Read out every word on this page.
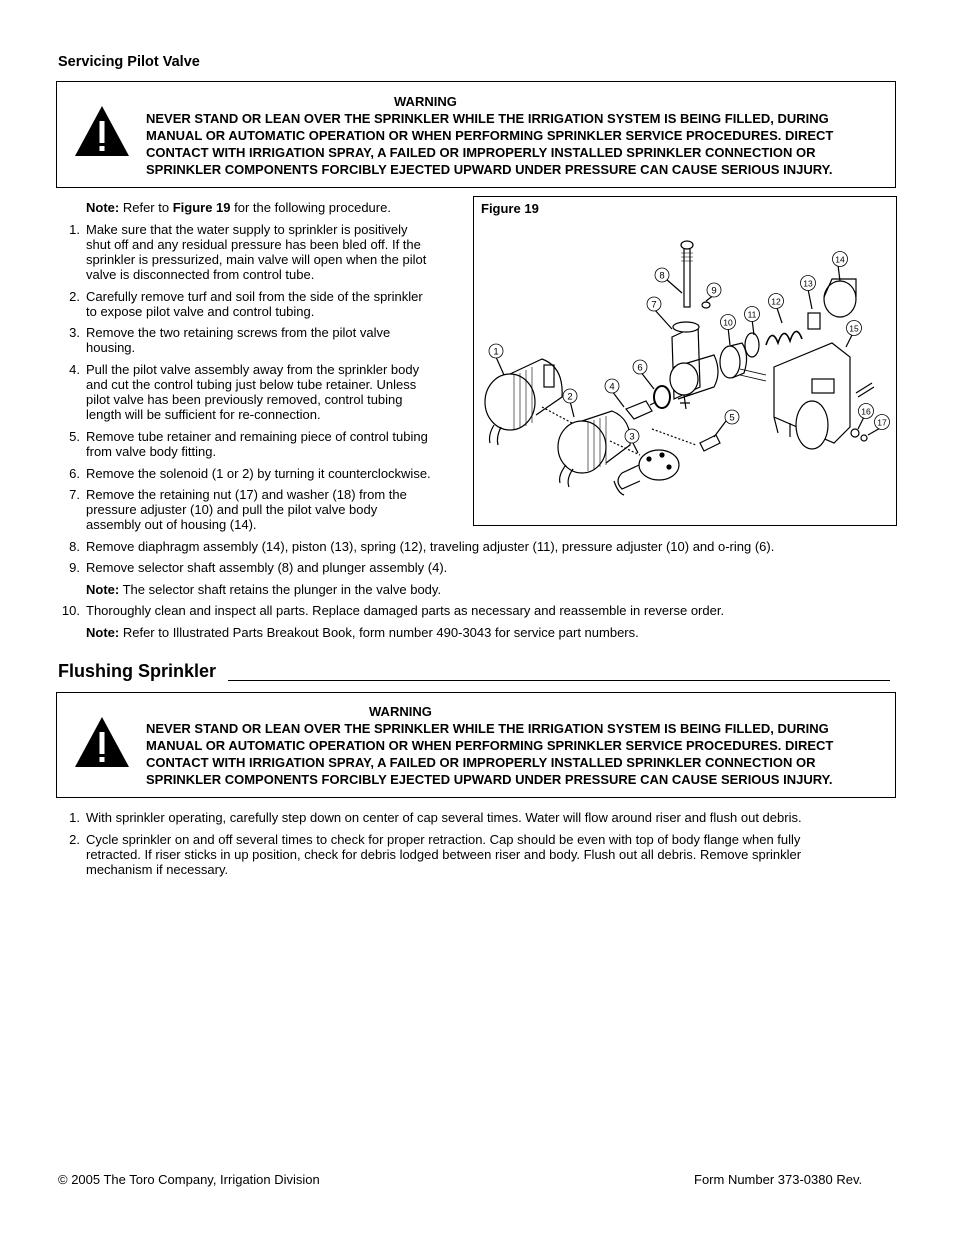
Servicing Pilot Valve
WARNING
NEVER STAND OR LEAN OVER THE SPRINKLER WHILE THE IRRIGATION SYSTEM IS BEING FILLED, DURING
MANUAL OR AUTOMATIC OPERATION OR WHEN PERFORMING SPRINKLER SERVICE PROCEDURES. DIRECT
CONTACT WITH IRRIGATION SPRAY, A FAILED OR IMPROPERLY INSTALLED SPRINKLER CONNECTION OR
SPRINKLER COMPONENTS FORCIBLY EJECTED UPWARD UNDER PRESSURE CAN CAUSE SERIOUS INJURY.
Note: Refer to Figure 19 for the following procedure.
1. Make sure that the water supply to sprinkler is positively
shut off and any residual pressure has been bled off. If the
sprinkler is pressurized, main valve will open when the pilot
valve is disconnected from control tube.
2. Carefully remove turf and soil from the side of the sprinkler
to expose pilot valve and control tubing.
3. Remove the two retaining screws from the pilot valve
housing.
4. Pull the pilot valve assembly away from the sprinkler body
and cut the control tubing just below tube retainer. Unless
pilot valve has been previously removed, control tubing
length will be sufficient for re-connection.
5. Remove tube retainer and remaining piece of control tubing
from valve body fitting.
6. Remove the solenoid (1 or 2) by turning it counterclockwise.
7. Remove the retaining nut (17) and washer (18) from the
pressure adjuster (10) and pull the pilot valve body
assembly out of housing (14).
Figure 19
1
2
3
4
5
6
7
8
9
10
11
12
13
14
15
16
17
8. Remove diaphragm assembly (14), piston (13), spring (12), traveling adjuster (11), pressure adjuster (10) and o-ring (6).
9. Remove selector shaft assembly (8) and plunger assembly (4).
Note: The selector shaft retains the plunger in the valve body.
10. Thoroughly clean and inspect all parts. Replace damaged parts as necessary and reassemble in reverse order.
Note: Refer to Illustrated Parts Breakout Book, form number 490-3043 for service part numbers.
Flushing Sprinkler
WARNING
NEVER STAND OR LEAN OVER THE SPRINKLER WHILE THE IRRIGATION SYSTEM IS BEING FILLED, DURING
MANUAL OR AUTOMATIC OPERATION OR WHEN PERFORMING SPRINKLER SERVICE PROCEDURES. DIRECT
CONTACT WITH IRRIGATION SPRAY, A FAILED OR IMPROPERLY INSTALLED SPRINKLER CONNECTION OR
SPRINKLER COMPONENTS FORCIBLY EJECTED UPWARD UNDER PRESSURE CAN CAUSE SERIOUS INJURY.
1. With sprinkler operating, carefully step down on center of cap several times. Water will flow around riser and flush out debris.
2. Cycle sprinkler on and off several times to check for proper retraction. Cap should be even with top of body flange when fully
retracted. If riser sticks in up position, check for debris lodged between riser and body. Flush out all debris. Remove sprinkler
mechanism if necessary.
© 2005 The Toro Company, Irrigation Division	Form Number 373-0380 Rev.
